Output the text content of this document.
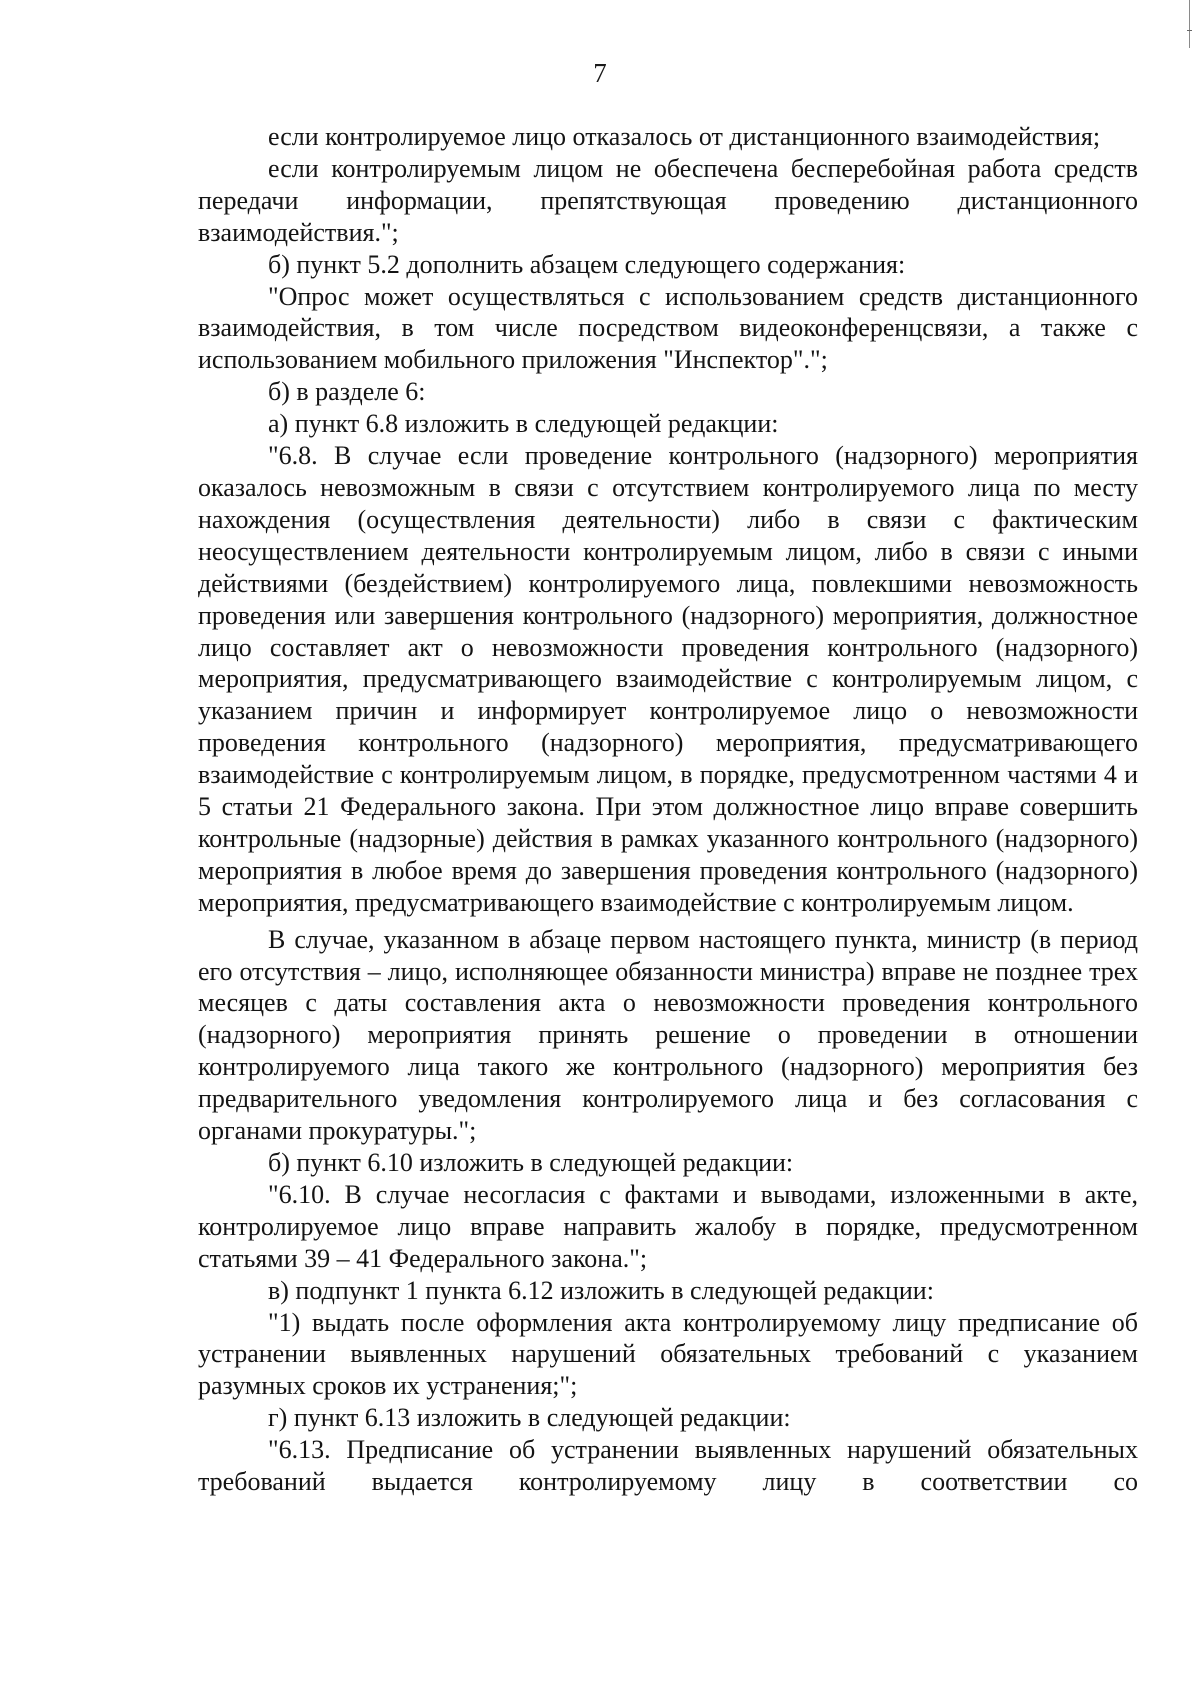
7

если контролируемое лицо отказалось от дистанционного взаимодействия;

если контролируемым лицом не обеспечена бесперебойная работа средств передачи информации, препятствующая проведению дистанционного взаимодействия.";

б) пункт 5.2 дополнить абзацем следующего содержания:

"Опрос может осуществляться с использованием средств дистанционного взаимодействия, в том числе посредством видеоконференцсвязи, а также с использованием мобильного приложения "Инспектор".";

б) в разделе 6:

а) пункт 6.8 изложить в следующей редакции:

"6.8. В случае если проведение контрольного (надзорного) мероприятия оказалось невозможным в связи с отсутствием контролируемого лица по месту нахождения (осуществления деятельности) либо в связи с фактическим неосуществлением деятельности контролируемым лицом, либо в связи с иными действиями (бездействием) контролируемого лица, повлекшими невозможность проведения или завершения контрольного (надзорного) мероприятия, должностное лицо составляет акт о невозможности проведения контрольного (надзорного) мероприятия, предусматривающего взаимодействие с контролируемым лицом, с указанием причин и информирует контролируемое лицо о невозможности проведения контрольного (надзорного) мероприятия, предусматривающего взаимодействие с контролируемым лицом, в порядке, предусмотренном частями 4 и 5 статьи 21 Федерального закона. При этом должностное лицо вправе совершить контрольные (надзорные) действия в рамках указанного контрольного (надзорного) мероприятия в любое время до завершения проведения контрольного (надзорного) мероприятия, предусматривающего взаимодействие с контролируемым лицом.

В случае, указанном в абзаце первом настоящего пункта, министр (в период его отсутствия – лицо, исполняющее обязанности министра) вправе не позднее трех месяцев с даты составления акта о невозможности проведения контрольного (надзорного) мероприятия принять решение о проведении в отношении контролируемого лица такого же контрольного (надзорного) мероприятия без предварительного уведомления контролируемого лица и без согласования с органами прокуратуры.";

б) пункт 6.10 изложить в следующей редакции:

"6.10. В случае несогласия с фактами и выводами, изложенными в акте, контролируемое лицо вправе направить жалобу в порядке, предусмотренном статьями 39 – 41 Федерального закона.";

в) подпункт 1 пункта 6.12 изложить в следующей редакции:

"1) выдать после оформления акта контролируемому лицу предписание об устранении выявленных нарушений обязательных требований с указанием разумных сроков их устранения;";

г) пункт 6.13 изложить в следующей редакции:

"6.13. Предписание об устранении выявленных нарушений обязательных требований выдается контролируемому лицу в соответствии со
